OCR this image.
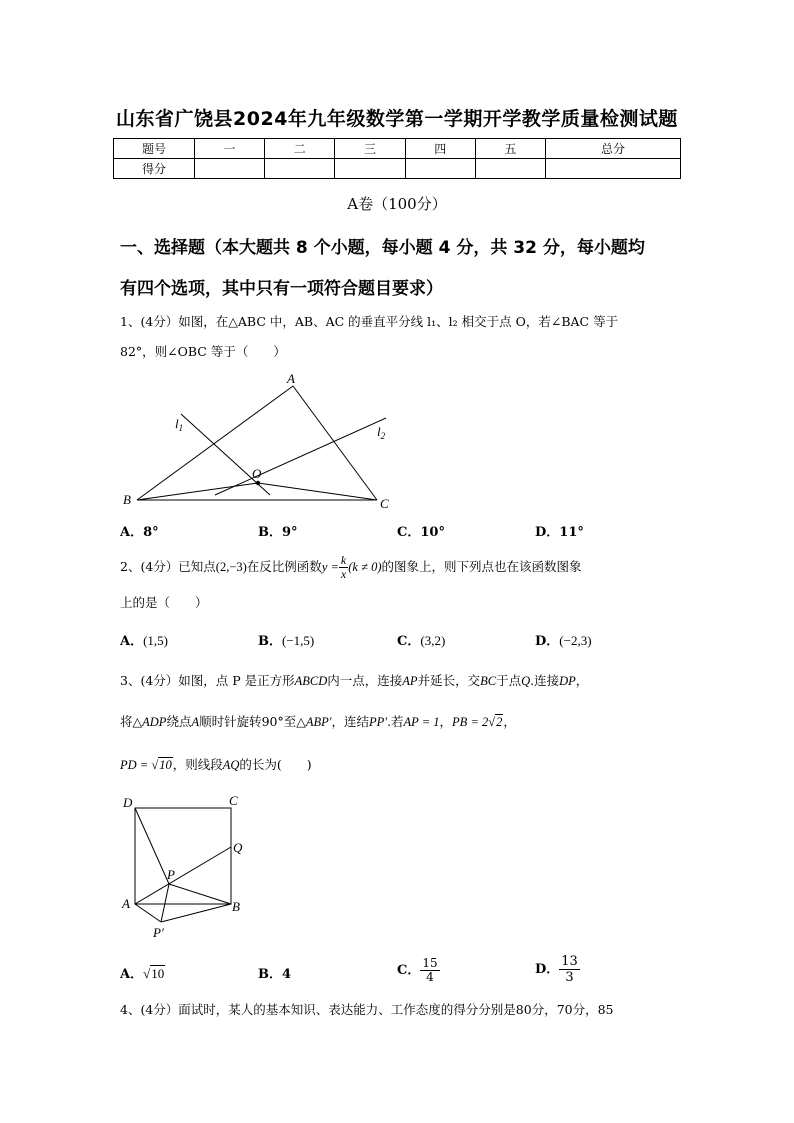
山东省广饶县2024年九年级数学第一学期开学教学质量检测试题
题号	一	二	三	四	五	总分
得分						
A卷（100分）
一、选择题（本大题共 8 个小题，每小题 4 分，共 32 分，每小题均
有四个选项，其中只有一项符合题目要求）
1、(4分）如图，在△ABC 中，AB、AC 的垂直平分线 l₁、l₂ 相交于点 O，若∠BAC 等于
82°，则∠OBC 等于（　　）
A
B	C
O
$l_1$	$l_2$
A．8°	B．9°	C．10°	D．11°
2、(4分）已知点(2,−3)在反比例函数$y = \frac{k}{x} (k \ne 0)$的图象上，则下列点也在该函数图象
上的是（　　）
A．(1,5)	B．(−1,5)	C．(3,2)	D．(−2,3)
3、(4分）如图，点 P 是正方形ABCD内一点，连接AP并延长，交BC于点Q.连接DP，
将△ADP绕点A顺时针旋转90°至△ABP′，连结PP′.若AP = 1，PB = 2√2，
PD = √10，则线段AQ的长为(　　)
D	C
Q
P
A	B
P′
A．√10	B．4	C． $\frac{15}{4}$	D． $\frac{13}{3}$
4、(4分）面试时，某人的基本知识、表达能力、工作态度的得分分别是80分，70分，85
